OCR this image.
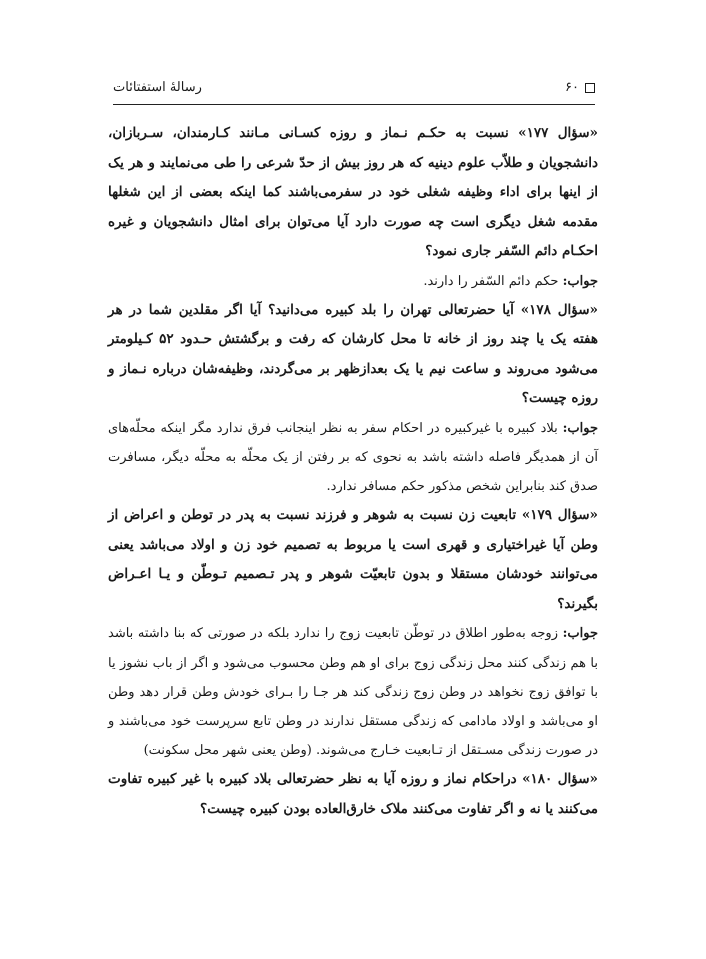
۶۰
رسالهٔ استفتائات

«سؤال ۱۷۷» نسبت به حکـم نـماز و روزه کسـانی مـانند کـارمندان، سـربازان، دانشجویان و طلاّب علوم دینیه که هر روز بیش از حدّ شرعی را طی می‌نمایند و هر یک از اینها برای اداء وظیفه شغلی خود در سفرمی‌باشند کما اینکه بعضی از این شغلها مقدمه شغل دیگری است چه صورت دارد آیا می‌توان برای امثال دانشجویان و غیره احکـام دائم السّفر جاری نمود؟

جواب: حکم دائم السّفر را دارند.

«سؤال ۱۷۸» آیا حضرتعالی تهران را بلد کبیره می‌دانید؟ آیا اگر مقلدین شما در هر هفته یک یا چند روز از خانه تا محل کارشان که رفت و برگشتش حـدود ۵۲ کـیلومتر می‌شود می‌روند و ساعت نیم یا یک بعدازظهر بر می‌گردند، وظیفه‌شان درباره نـماز و روزه چیست؟

جواب: بلاد کبیره با غیرکبیره در احکام سفر به نظر اینجانب فرق ندارد مگر اینکه محلّه‌های آن از همدیگر فاصله داشته باشد به نحوی که بر رفتن از یک محلّه به محلّه دیگر، مسافرت صدق کند بنابراین شخص مذکور حکم مسافر ندارد.

«سؤال ۱۷۹» تابعیت زن نسبت به شوهر و فرزند نسبت به پدر در توطن و اعراض از وطن آیا غیراختیاری و قهری است یا مربوط به تصمیم خود زن و اولاد می‌باشد یعنی می‌توانند خودشان مستقلا و بدون تابعیّت شوهر و پدر تـصمیم تـوطّن و یـا اعـراض بگیرند؟

جواب: زوجه به‌طور اطلاق در توطّن تابعیت زوج را ندارد بلکه در صورتی که بنا داشته باشد با هم زندگی کنند محل زندگی زوج برای او هم وطن محسوب می‌شود و اگر از باب نشوز یا با توافق زوج نخواهد در وطن زوج زندگی کند هر جـا را بـرای خودش وطن قرار دهد وطن او می‌باشد و اولاد مادامی که زندگی مستقل ندارند در وطن تابع سرپرست خود می‌باشند و در صورت زندگی مسـتقل از تـابعیت خـارج می‌شوند. (وطن یعنی شهر محل سکونت)

«سؤال ۱۸۰» دراحکام نماز و روزه آیا به نظر حضرتعالی بلاد کبیره با غیر کبیره تفاوت می‌کنند یا نه و اگر تفاوت می‌کنند ملاک خارق‌العاده بودن کبیره چیست؟
